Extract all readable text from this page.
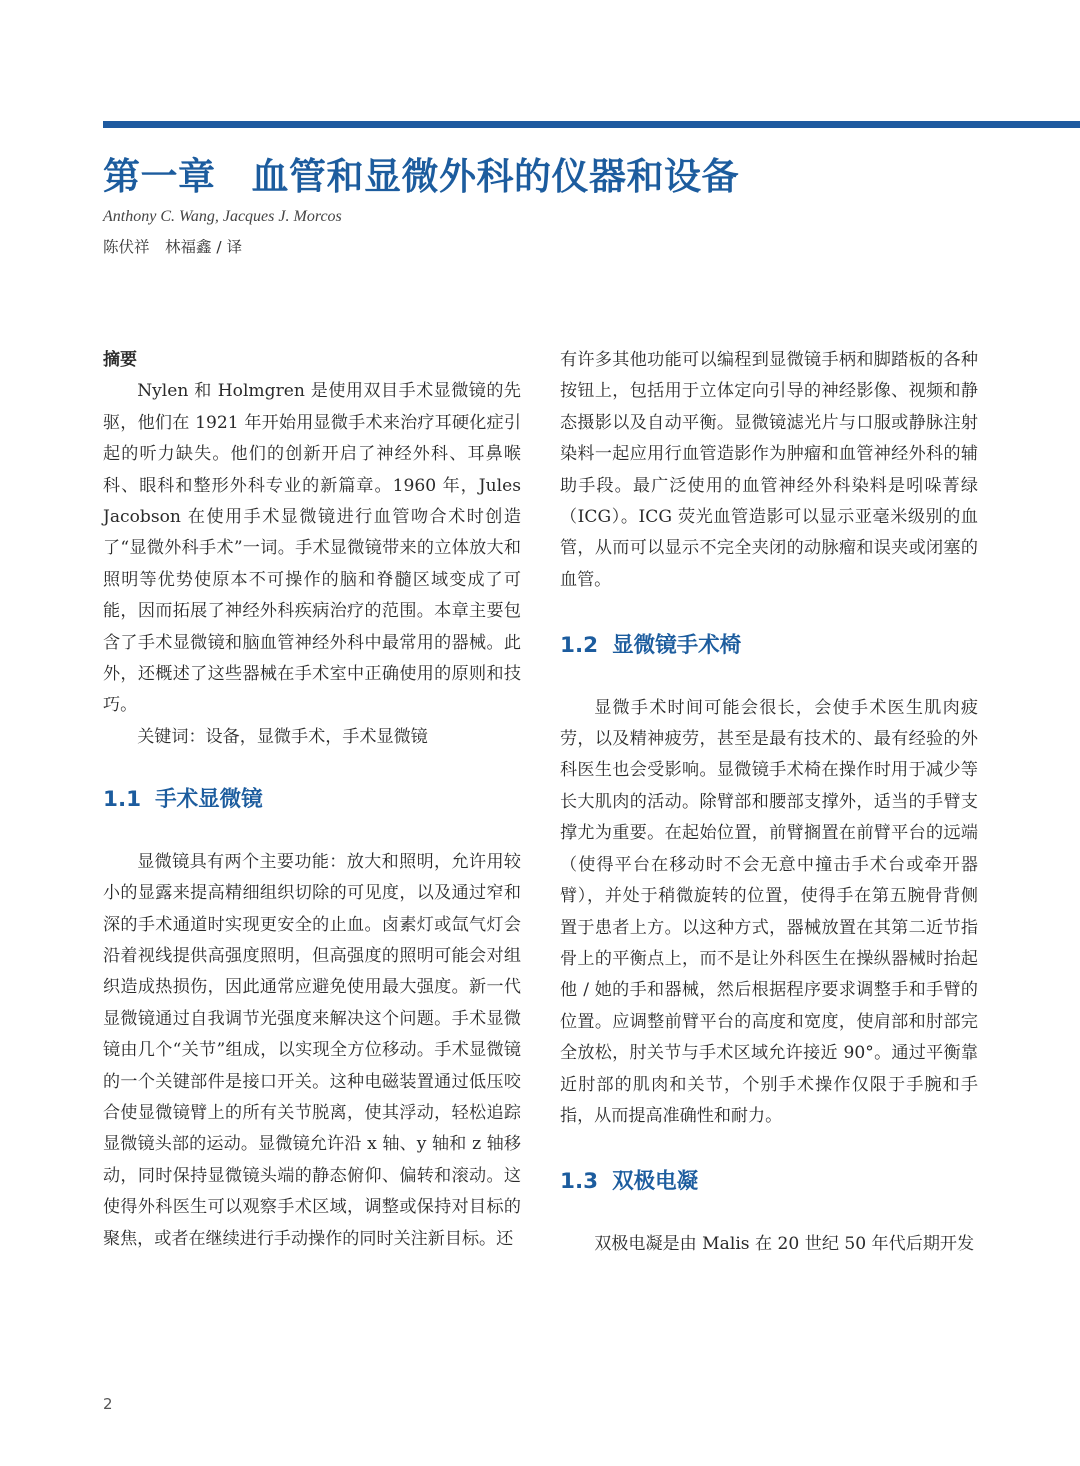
第一章 血管和显微外科的仪器和设备
Anthony C. Wang, Jacques J. Morcos
陈伏祥　林福鑫 / 译

摘要

Nylen 和 Holmgren 是使用双目手术显微镜的先驱，他们在 1921 年开始用显微手术来治疗耳硬化症引起的听力缺失。他们的创新开启了神经外科、耳鼻喉科、眼科和整形外科专业的新篇章。1960 年，Jules Jacobson 在使用手术显微镜进行血管吻合术时创造了“显微外科手术”一词。手术显微镜带来的立体放大和照明等优势使原本不可操作的脑和脊髓区域变成了可能，因而拓展了神经外科疾病治疗的范围。本章主要包含了手术显微镜和脑血管神经外科中最常用的器械。此外，还概述了这些器械在手术室中正确使用的原则和技巧。

关键词：设备，显微手术，手术显微镜

1.1 手术显微镜

显微镜具有两个主要功能：放大和照明，允许用较小的显露来提高精细组织切除的可见度，以及通过窄和深的手术通道时实现更安全的止血。卤素灯或氙气灯会沿着视线提供高强度照明，但高强度的照明可能会对组织造成热损伤，因此通常应避免使用最大强度。新一代显微镜通过自我调节光强度来解决这个问题。手术显微镜由几个“关节”组成，以实现全方位移动。手术显微镜的一个关键部件是接口开关。这种电磁装置通过低压咬合使显微镜臂上的所有关节脱离，使其浮动，轻松追踪显微镜头部的运动。显微镜允许沿 x 轴、y 轴和 z 轴移动，同时保持显微镜头端的静态俯仰、偏转和滚动。这使得外科医生可以观察手术区域，调整或保持对目标的聚焦，或者在继续进行手动操作的同时关注新目标。还

有许多其他功能可以编程到显微镜手柄和脚踏板的各种按钮上，包括用于立体定向引导的神经影像、视频和静态摄影以及自动平衡。显微镜滤光片与口服或静脉注射染料一起应用行血管造影作为肿瘤和血管神经外科的辅助手段。最广泛使用的血管神经外科染料是吲哚菁绿（ICG）。ICG 荧光血管造影可以显示亚毫米级别的血管，从而可以显示不完全夹闭的动脉瘤和误夹或闭塞的血管。

1.2 显微镜手术椅

显微手术时间可能会很长，会使手术医生肌肉疲劳，以及精神疲劳，甚至是最有技术的、最有经验的外科医生也会受影响。显微镜手术椅在操作时用于减少等长大肌肉的活动。除臂部和腰部支撑外，适当的手臂支撑尤为重要。在起始位置，前臂搁置在前臂平台的远端（使得平台在移动时不会无意中撞击手术台或牵开器臂），并处于稍微旋转的位置，使得手在第五腕骨背侧置于患者上方。以这种方式，器械放置在其第二近节指骨上的平衡点上，而不是让外科医生在操纵器械时抬起他 / 她的手和器械，然后根据程序要求调整手和手臂的位置。应调整前臂平台的高度和宽度，使肩部和肘部完全放松，肘关节与手术区域允许接近 90°。通过平衡靠近肘部的肌肉和关节，个别手术操作仅限于手腕和手指，从而提高准确性和耐力。

1.3 双极电凝

双极电凝是由 Malis 在 20 世纪 50 年代后期开发

2
